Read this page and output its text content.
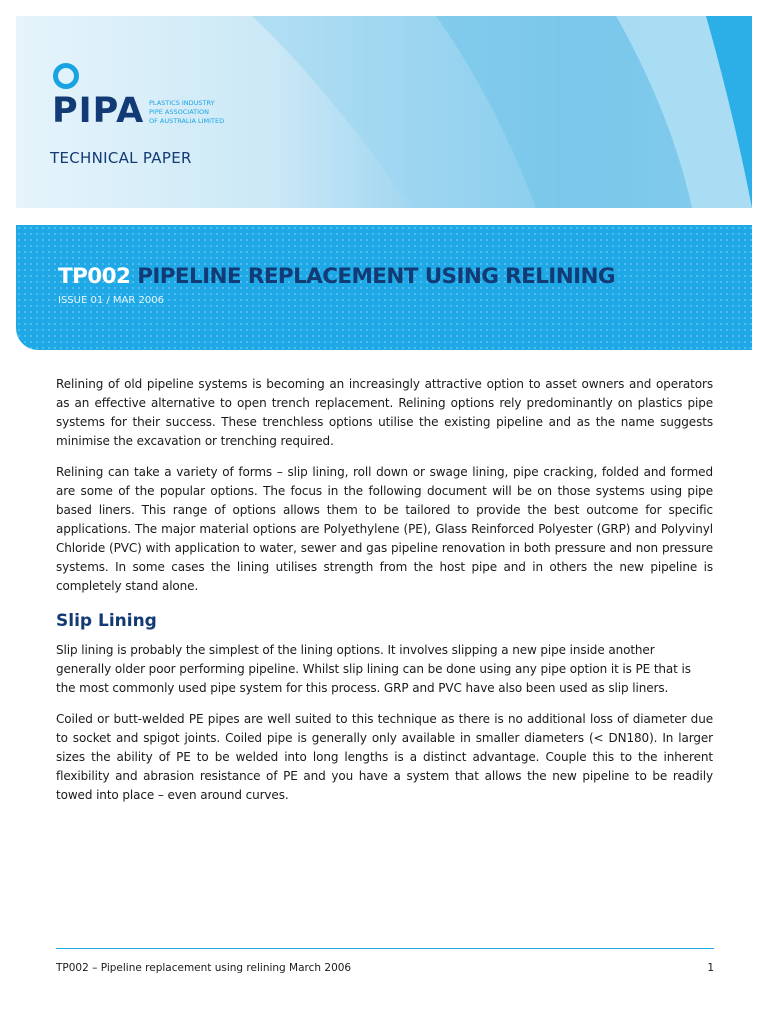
PIPA PLASTICS INDUSTRY
PIPE ASSOCIATION
OF AUSTRALIA LIMITED
TECHNICAL PAPER
TP002 PIPELINE REPLACEMENT USING RELINING
ISSUE 01 / MAR 2006

Relining of old pipeline systems is becoming an increasingly attractive option to asset owners and operators as an effective alternative to open trench replacement. Relining options rely predominantly on plastics pipe systems for their success. These trenchless options utilise the existing pipeline and as the name suggests minimise the excavation or trenching required.

Relining can take a variety of forms – slip lining, roll down or swage lining, pipe cracking, folded and formed are some of the popular options. The focus in the following document will be on those systems using pipe based liners. This range of options allows them to be tailored to provide the best outcome for specific applications. The major material options are Polyethylene (PE), Glass Reinforced Polyester (GRP) and Polyvinyl Chloride (PVC) with application to water, sewer and gas pipeline renovation in both pressure and non pressure systems. In some cases the lining utilises strength from the host pipe and in others the new pipeline is completely stand alone.

Slip Lining

Slip lining is probably the simplest of the lining options. It involves slipping a new pipe inside another generally older poor performing pipeline. Whilst slip lining can be done using any pipe option it is PE that is the most commonly used pipe system for this process. GRP and PVC have also been used as slip liners.

Coiled or butt-welded PE pipes are well suited to this technique as there is no additional loss of diameter due to socket and spigot joints. Coiled pipe is generally only available in smaller diameters (< DN180). In larger sizes the ability of PE to be welded into long lengths is a distinct advantage. Couple this to the inherent flexibility and abrasion resistance of PE and you have a system that allows the new pipeline to be readily towed into place – even around curves.

TP002 – Pipeline replacement using relining March 2006	1
